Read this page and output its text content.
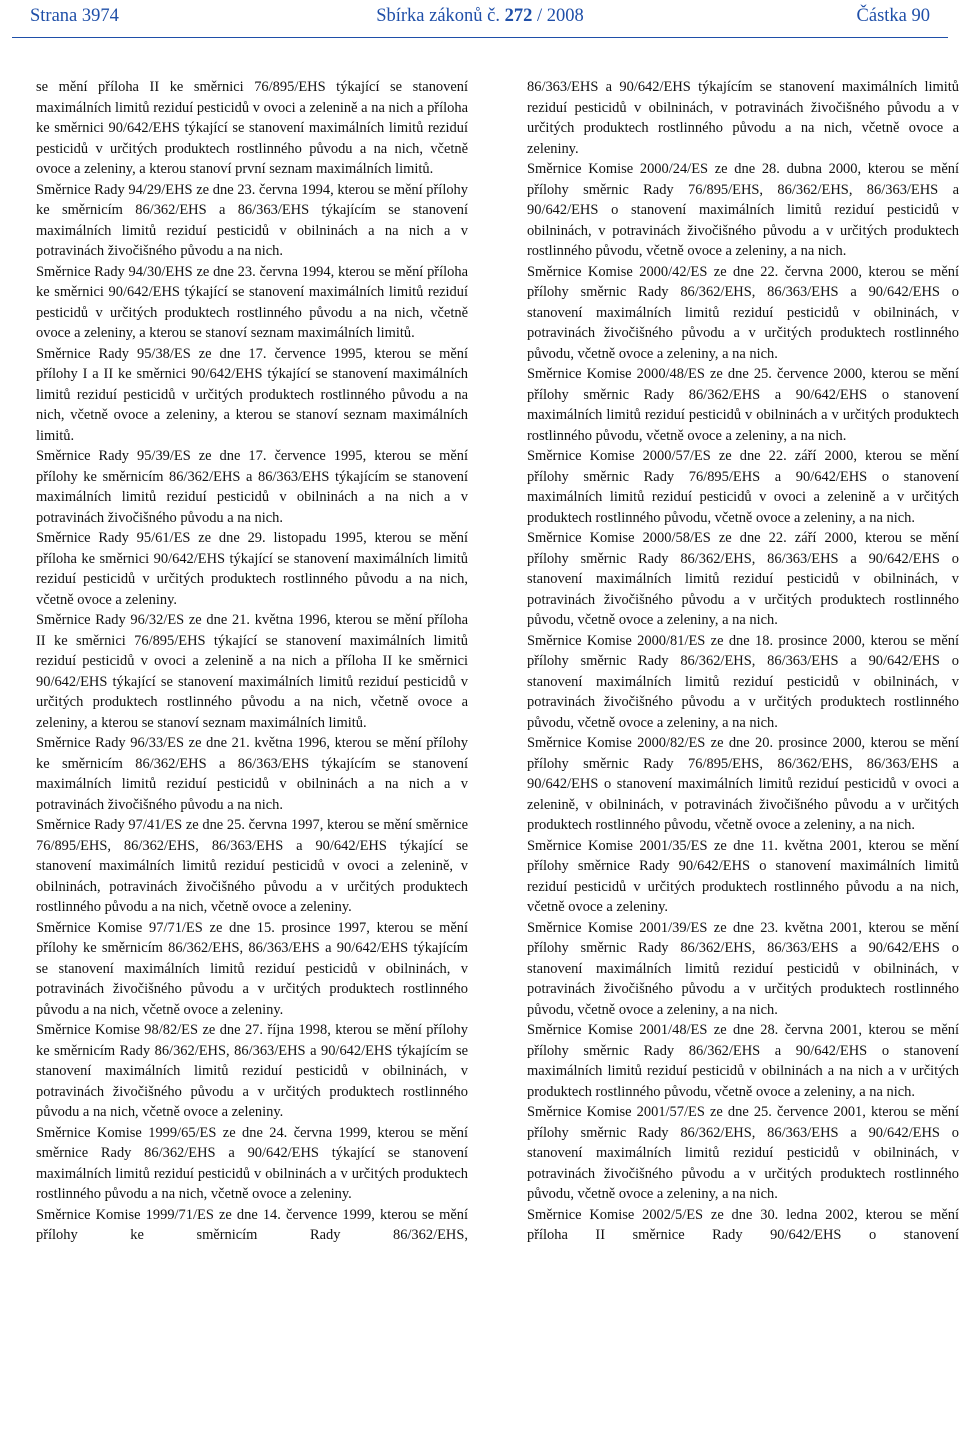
Strana 3974	Sbírka zákonů č. 272 / 2008	Částka 90

se mění příloha II ke směrnici 76/895/EHS týkající se stanovení maximálních limitů reziduí pesticidů v ovoci a zelenině a na nich a příloha ke směrnici 90/642/EHS týkající se stanovení maximálních limitů reziduí pesticidů v určitých produktech rostlinného původu a na nich, včetně ovoce a zeleniny, a kterou stanoví první seznam maximálních limitů.

Směrnice Rady 94/29/EHS ze dne 23. června 1994, kterou se mění přílohy ke směrnicím 86/362/EHS a 86/363/EHS týkajícím se stanovení maximálních limitů reziduí pesticidů v obilninách a na nich a v potravinách živočišného původu a na nich.

Směrnice Rady 94/30/EHS ze dne 23. června 1994, kterou se mění příloha ke směrnici 90/642/EHS týkající se stanovení maximálních limitů reziduí pesticidů v určitých produktech rostlinného původu a na nich, včetně ovoce a zeleniny, a kterou se stanoví seznam maximálních limitů.

Směrnice Rady 95/38/ES ze dne 17. července 1995, kterou se mění přílohy I a II ke směrnici 90/642/EHS týkající se stanovení maximálních limitů reziduí pesticidů v určitých produktech rostlinného původu a na nich, včetně ovoce a zeleniny, a kterou se stanoví seznam maximálních limitů.

Směrnice Rady 95/39/ES ze dne 17. července 1995, kterou se mění přílohy ke směrnicím 86/362/EHS a 86/363/EHS týkajícím se stanovení maximálních limitů reziduí pesticidů v obilninách a na nich a v potravinách živočišného původu a na nich.

Směrnice Rady 95/61/ES ze dne 29. listopadu 1995, kterou se mění příloha ke směrnici 90/642/EHS týkající se stanovení maximálních limitů reziduí pesticidů v určitých produktech rostlinného původu a na nich, včetně ovoce a zeleniny.

Směrnice Rady 96/32/ES ze dne 21. května 1996, kterou se mění příloha II ke směrnici 76/895/EHS týkající se stanovení maximálních limitů reziduí pesticidů v ovoci a zelenině a na nich a příloha II ke směrnici 90/642/EHS týkající se stanovení maximálních limitů reziduí pesticidů v určitých produktech rostlinného původu a na nich, včetně ovoce a zeleniny, a kterou se stanoví seznam maximálních limitů.

Směrnice Rady 96/33/ES ze dne 21. května 1996, kterou se mění přílohy ke směrnicím 86/362/EHS a 86/363/EHS týkajícím se stanovení maximálních limitů reziduí pesticidů v obilninách a na nich a v potravinách živočišného původu a na nich.

Směrnice Rady 97/41/ES ze dne 25. června 1997, kterou se mění směrnice 76/895/EHS, 86/362/EHS, 86/363/EHS a 90/642/EHS týkající se stanovení maximálních limitů reziduí pesticidů v ovoci a zelenině, v obilninách, potravinách živočišného původu a v určitých produktech rostlinného původu a na nich, včetně ovoce a zeleniny.

Směrnice Komise 97/71/ES ze dne 15. prosince 1997, kterou se mění přílohy ke směrnicím 86/362/EHS, 86/363/EHS a 90/642/EHS týkajícím se stanovení maximálních limitů reziduí pesticidů v obilninách, v potravinách živočišného původu a v určitých produktech rostlinného původu a na nich, včetně ovoce a zeleniny.

Směrnice Komise 98/82/ES ze dne 27. října 1998, kterou se mění přílohy ke směrnicím Rady 86/362/EHS, 86/363/EHS a 90/642/EHS týkajícím se stanovení maximálních limitů reziduí pesticidů v obilninách, v potravinách živočišného původu a v určitých produktech rostlinného původu a na nich, včetně ovoce a zeleniny.

Směrnice Komise 1999/65/ES ze dne 24. června 1999, kterou se mění směrnice Rady 86/362/EHS a 90/642/EHS týkající se stanovení maximálních limitů reziduí pesticidů v obilninách a v určitých produktech rostlinného původu a na nich, včetně ovoce a zeleniny.

Směrnice Komise 1999/71/ES ze dne 14. července 1999, kterou se mění přílohy ke směrnicím Rady 86/362/EHS,

86/363/EHS a 90/642/EHS týkajícím se stanovení maximálních limitů reziduí pesticidů v obilninách, v potravinách živočišného původu a v určitých produktech rostlinného původu a na nich, včetně ovoce a zeleniny.

Směrnice Komise 2000/24/ES ze dne 28. dubna 2000, kterou se mění přílohy směrnic Rady 76/895/EHS, 86/362/EHS, 86/363/EHS a 90/642/EHS o stanovení maximálních limitů reziduí pesticidů v obilninách, v potravinách živočišného původu a v určitých produktech rostlinného původu, včetně ovoce a zeleniny, a na nich.

Směrnice Komise 2000/42/ES ze dne 22. června 2000, kterou se mění přílohy směrnic Rady 86/362/EHS, 86/363/EHS a 90/642/EHS o stanovení maximálních limitů reziduí pesticidů v obilninách, v potravinách živočišného původu a v určitých produktech rostlinného původu, včetně ovoce a zeleniny, a na nich.

Směrnice Komise 2000/48/ES ze dne 25. července 2000, kterou se mění přílohy směrnic Rady 86/362/EHS a 90/642/EHS o stanovení maximálních limitů reziduí pesticidů v obilninách a v určitých produktech rostlinného původu, včetně ovoce a zeleniny, a na nich.

Směrnice Komise 2000/57/ES ze dne 22. září 2000, kterou se mění přílohy směrnic Rady 76/895/EHS a 90/642/EHS o stanovení maximálních limitů reziduí pesticidů v ovoci a zelenině a v určitých produktech rostlinného původu, včetně ovoce a zeleniny, a na nich.

Směrnice Komise 2000/58/ES ze dne 22. září 2000, kterou se mění přílohy směrnic Rady 86/362/EHS, 86/363/EHS a 90/642/EHS o stanovení maximálních limitů reziduí pesticidů v obilninách, v potravinách živočišného původu a v určitých produktech rostlinného původu, včetně ovoce a zeleniny, a na nich.

Směrnice Komise 2000/81/ES ze dne 18. prosince 2000, kterou se mění přílohy směrnic Rady 86/362/EHS, 86/363/EHS a 90/642/EHS o stanovení maximálních limitů reziduí pesticidů v obilninách, v potravinách živočišného původu a v určitých produktech rostlinného původu, včetně ovoce a zeleniny, a na nich.

Směrnice Komise 2000/82/ES ze dne 20. prosince 2000, kterou se mění přílohy směrnic Rady 76/895/EHS, 86/362/EHS, 86/363/EHS a 90/642/EHS o stanovení maximálních limitů reziduí pesticidů v ovoci a zelenině, v obilninách, v potravinách živočišného původu a v určitých produktech rostlinného původu, včetně ovoce a zeleniny, a na nich.

Směrnice Komise 2001/35/ES ze dne 11. května 2001, kterou se mění přílohy směrnice Rady 90/642/EHS o stanovení maximálních limitů reziduí pesticidů v určitých produktech rostlinného původu a na nich, včetně ovoce a zeleniny.

Směrnice Komise 2001/39/ES ze dne 23. května 2001, kterou se mění přílohy směrnic Rady 86/362/EHS, 86/363/EHS a 90/642/EHS o stanovení maximálních limitů reziduí pesticidů v obilninách, v potravinách živočišného původu a v určitých produktech rostlinného původu, včetně ovoce a zeleniny, a na nich.

Směrnice Komise 2001/48/ES ze dne 28. června 2001, kterou se mění přílohy směrnic Rady 86/362/EHS a 90/642/EHS o stanovení maximálních limitů reziduí pesticidů v obilninách a na nich a v určitých produktech rostlinného původu, včetně ovoce a zeleniny, a na nich.

Směrnice Komise 2001/57/ES ze dne 25. července 2001, kterou se mění přílohy směrnic Rady 86/362/EHS, 86/363/EHS a 90/642/EHS o stanovení maximálních limitů reziduí pesticidů v obilninách, v potravinách živočišného původu a v určitých produktech rostlinného původu, včetně ovoce a zeleniny, a na nich.

Směrnice Komise 2002/5/ES ze dne 30. ledna 2002, kterou se mění příloha II směrnice Rady 90/642/EHS o stanovení
